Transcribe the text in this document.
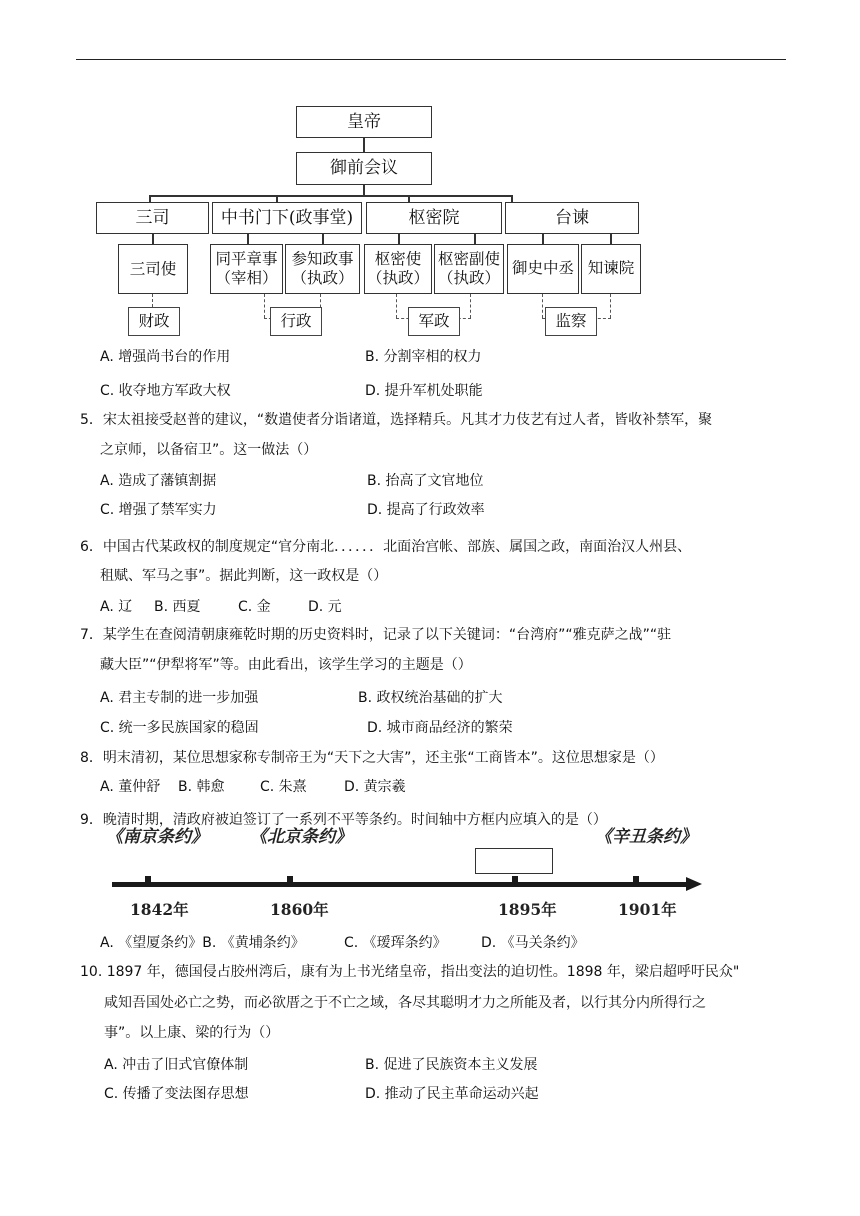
皇帝
御前会议
三司	中书门下(政事堂)	枢密院	台谏
三司使
同平章事
（宰相）
参知政事
（执政）
枢密使
（执政）
枢密副使
（执政）
御史中丞 知谏院
财政	行政	军政	监察
A. 增强尚书台的作用	B. 分割宰相的权力
C. 收夺地方军政大权	D. 提升军机处职能
5．宋太祖接受赵普的建议，“数遣使者分诣诸道，选择精兵。凡其才力伎艺有过人者，皆收补禁军，聚
之京师，以备宿卫”。这一做法（）
A. 造成了藩镇割据	B. 抬高了文官地位
C. 增强了禁军实力	D. 提高了行政效率
6．中国古代某政权的制度规定“官分南北．．．．．．北面治宫帐、部族、属国之政，南面治汉人州县、
租赋、军马之事”。据此判断，这一政权是（）
A. 辽 B. 西夏	C. 金	D. 元
7．某学生在查阅清朝康雍乾时期的历史资料时，记录了以下关键词：“台湾府”“雅克萨之战”“驻
藏大臣”“伊犁将军”等。由此看出，该学生学习的主题是（）
A. 君主专制的进一步加强	B. 政权统治基础的扩大
C. 统一多民族国家的稳固	D. 城市商品经济的繁荣
8．明末清初，某位思想家称专制帝王为“天下之大害”，还主张“工商皆本”。这位思想家是（）
A. 董仲舒 B. 韩愈	C. 朱熹	D. 黄宗羲
9．晚清时期，清政府被迫签订了一系列不平等条约。时间轴中方框内应填入的是（）
《南京条约》 《北京条约》	《辛丑条约》
1842年	1860年	1895年	1901年
A. 《望厦条约》B. 《黄埔条约》	C. 《瑷珲条约》 D. 《马关条约》
10. 1897 年，德国侵占胶州湾后，康有为上书光绪皇帝，指出变法的迫切性。1898 年，梁启超呼吁民众"
咸知吾国处必亡之势，而必欲厝之于不亡之域，各尽其聪明才力之所能及者，以行其分内所得行之
事”。以上康、梁的行为（）
A. 冲击了旧式官僚体制	B. 促进了民族资本主义发展
C. 传播了变法图存思想	D. 推动了民主革命运动兴起
